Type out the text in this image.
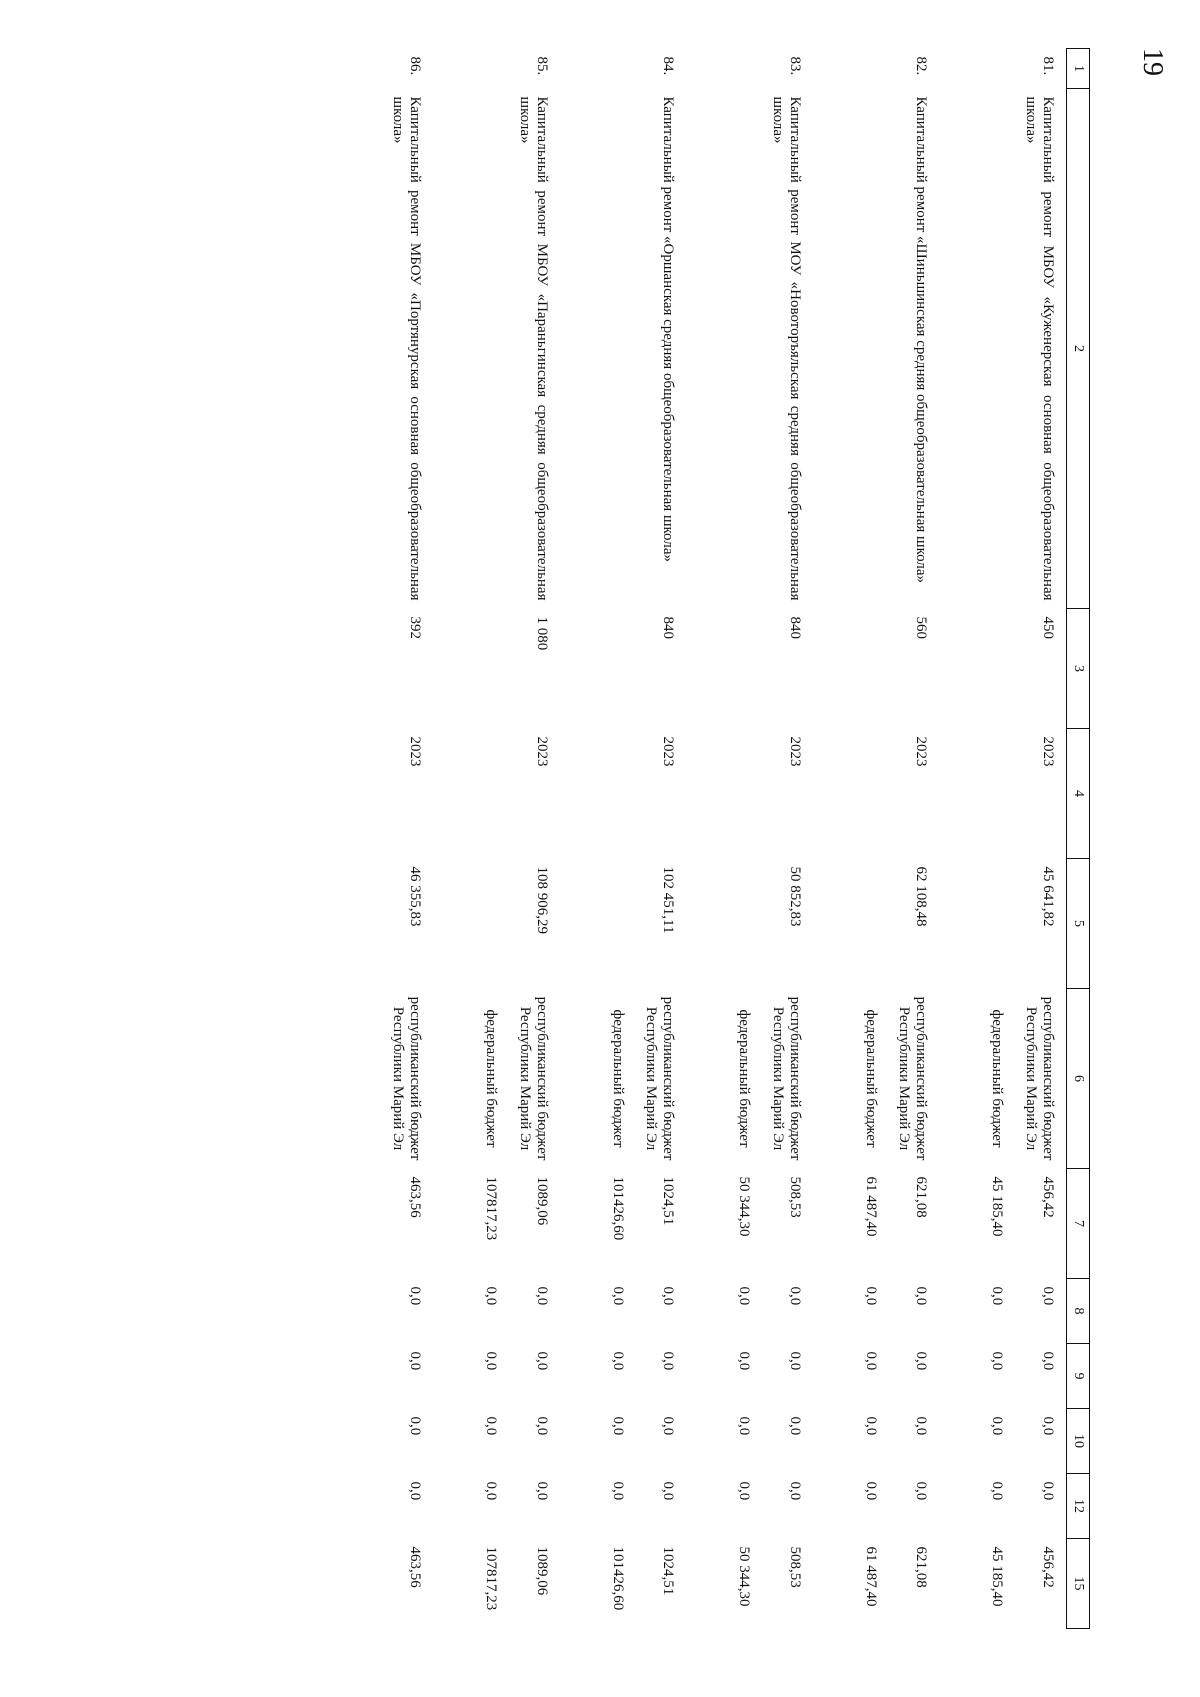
19
1	2	3	4	5	6	7	8	9	10	12	15
81.	Капитальный ремонт МБОУ «Куженерская основная общеобразовательная школа»	450	2023	45 641,82	республиканский бюджет Республики Марий Эл	456,42	0,0	0,0	0,0	0,0	456,42
					федеральный бюджет	45 185,40	0,0	0,0	0,0	0,0	45 185,40
82.	Капитальный ремонт «Шиньшинская средняя общеобразовательная школа»	560	2023	62 108,48	республиканский бюджет Республики Марий Эл	621,08	0,0	0,0	0,0	0,0	621,08
					федеральный бюджет	61 487,40	0,0	0,0	0,0	0,0	61 487,40
83.	Капитальный ремонт МОУ «Новоторъяльская средняя общеобразовательная школа»	840	2023	50 852,83	республиканский бюджет Республики Марий Эл	508,53	0,0	0,0	0,0	0,0	508,53
					федеральный бюджет	50 344,30	0,0	0,0	0,0	0,0	50 344,30
84.	Капитальный ремонт «Оршанская средняя общеобразовательная школа»	840	2023	102 451,11	республиканский бюджет Республики Марий Эл	1024,51	0,0	0,0	0,0	0,0	1024,51
					федеральный бюджет	101426,60	0,0	0,0	0,0	0,0	101426,60
85.	Капитальный ремонт МБОУ «Параньгинская средняя общеобразовательная школа»	1 080	2023	108 906,29	республиканский бюджет Республики Марий Эл	1089,06	0,0	0,0	0,0	0,0	1089,06
					федеральный бюджет	107817,23	0,0	0,0	0,0	0,0	107817,23
86.	Капитальный ремонт МБОУ «Портянурская основная общеобразовательная школа»	392	2023	46 355,83	республиканский бюджет Республики Марий Эл	463,56	0,0	0,0	0,0	0,0	463,56
